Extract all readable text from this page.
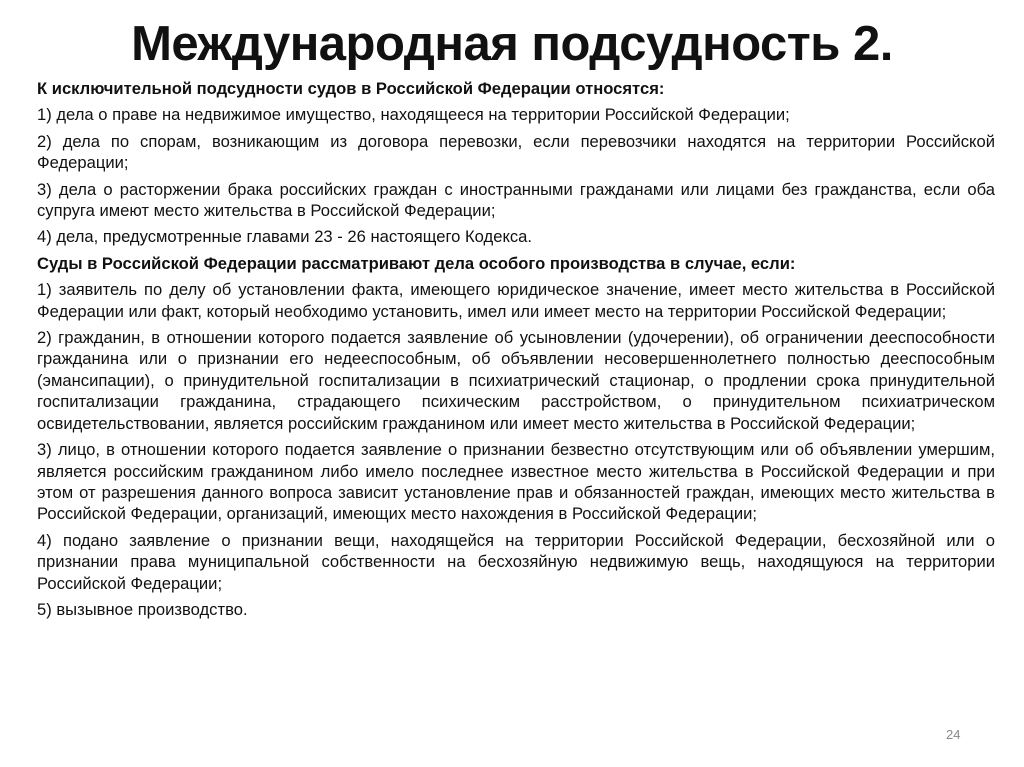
Международная подсудность 2.

К исключительной подсудности судов в Российской Федерации относятся:

1) дела о праве на недвижимое имущество, находящееся на территории Российской Федерации;

2) дела по спорам, возникающим из договора перевозки, если перевозчики находятся на территории Российской Федерации;

3) дела о расторжении брака российских граждан с иностранными гражданами или лицами без гражданства, если оба супруга имеют место жительства в Российской Федерации;

4) дела, предусмотренные главами 23 - 26 настоящего Кодекса.

Суды в Российской Федерации рассматривают дела особого производства в случае, если:

1) заявитель по делу об установлении факта, имеющего юридическое значение, имеет место жительства в Российской Федерации или факт, который необходимо установить, имел или имеет место на территории Российской Федерации;

2) гражданин, в отношении которого подается заявление об усыновлении (удочерении), об ограничении дееспособности гражданина или о признании его недееспособным, об объявлении несовершеннолетнего полностью дееспособным (эмансипации), о принудительной госпитализации в психиатрический стационар, о продлении срока принудительной госпитализации гражданина, страдающего психическим расстройством, о принудительном психиатрическом освидетельствовании, является российским гражданином или имеет место жительства в Российской Федерации;

3) лицо, в отношении которого подается заявление о признании безвестно отсутствующим или об объявлении умершим, является российским гражданином либо имело последнее известное место жительства в Российской Федерации и при этом от разрешения данного вопроса зависит установление прав и обязанностей граждан, имеющих место жительства в Российской Федерации, организаций, имеющих место нахождения в Российской Федерации;

4) подано заявление о признании вещи, находящейся на территории Российской Федерации, бесхозяйной или о признании права муниципальной собственности на бесхозяйную недвижимую вещь, находящуюся на территории Российской Федерации;

5) вызывное производство.

24
